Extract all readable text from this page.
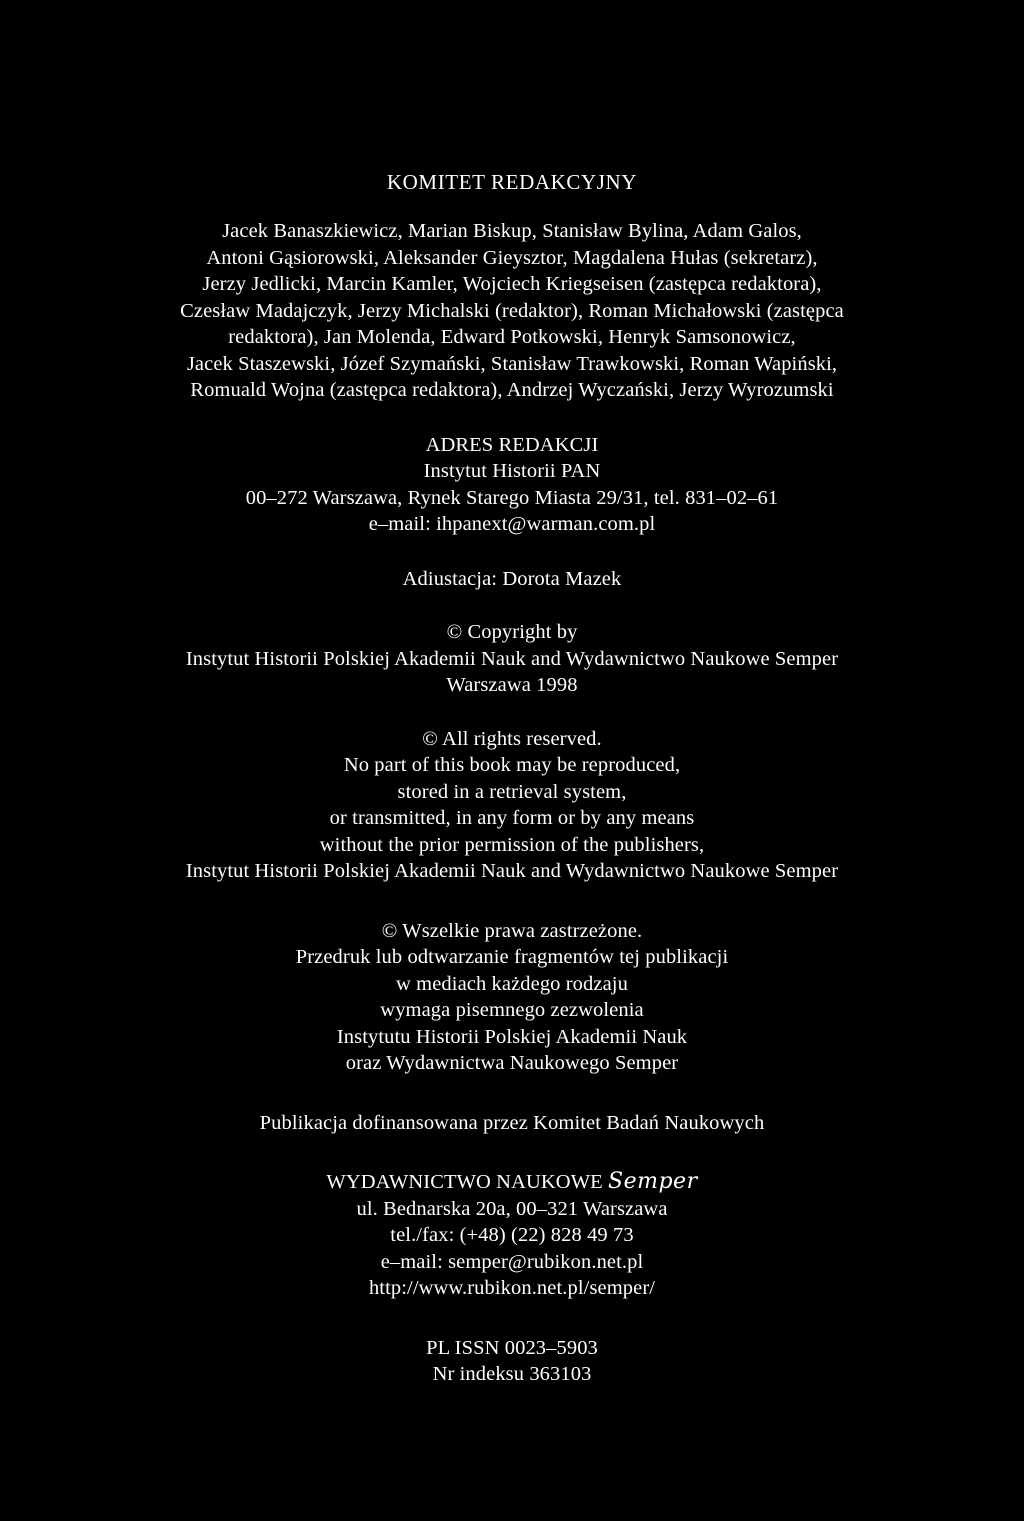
KOMITET REDAKCYJNY
Jacek Banaszkiewicz, Marian Biskup, Stanisław Bylina, Adam Galos,
Antoni Gąsiorowski, Aleksander Gieysztor, Magdalena Hułas (sekretarz),
Jerzy Jedlicki, Marcin Kamler, Wojciech Kriegseisen (zastępca redaktora),
Czesław Madajczyk, Jerzy Michalski (redaktor), Roman Michałowski (zastępca
redaktora), Jan Molenda, Edward Potkowski, Henryk Samsonowicz,
Jacek Staszewski, Józef Szymański, Stanisław Trawkowski, Roman Wapiński,
Romuald Wojna (zastępca redaktora), Andrzej Wyczański, Jerzy Wyrozumski
ADRES REDAKCJI
Instytut Historii PAN
00–272 Warszawa, Rynek Starego Miasta 29/31, tel. 831–02–61
e–mail: ihpanext@warman.com.pl
Adiustacja: Dorota Mazek
© Copyright by
Instytut Historii Polskiej Akademii Nauk and Wydawnictwo Naukowe Semper
Warszawa 1998
© All rights reserved.
No part of this book may be reproduced,
stored in a retrieval system,
or transmitted, in any form or by any means
without the prior permission of the publishers,
Instytut Historii Polskiej Akademii Nauk and Wydawnictwo Naukowe Semper
© Wszelkie prawa zastrzeżone.
Przedruk lub odtwarzanie fragmentów tej publikacji
w mediach każdego rodzaju
wymaga pisemnego zezwolenia
Instytutu Historii Polskiej Akademii Nauk
oraz Wydawnictwa Naukowego Semper
Publikacja dofinansowana przez Komitet Badań Naukowych
WYDAWNICTWO NAUKOWE Semper
ul. Bednarska 20a, 00–321 Warszawa
tel./fax: (+48) (22) 828 49 73
e–mail: semper@rubikon.net.pl
http://www.rubikon.net.pl/semper/
PL ISSN 0023–5903
Nr indeksu 363103
